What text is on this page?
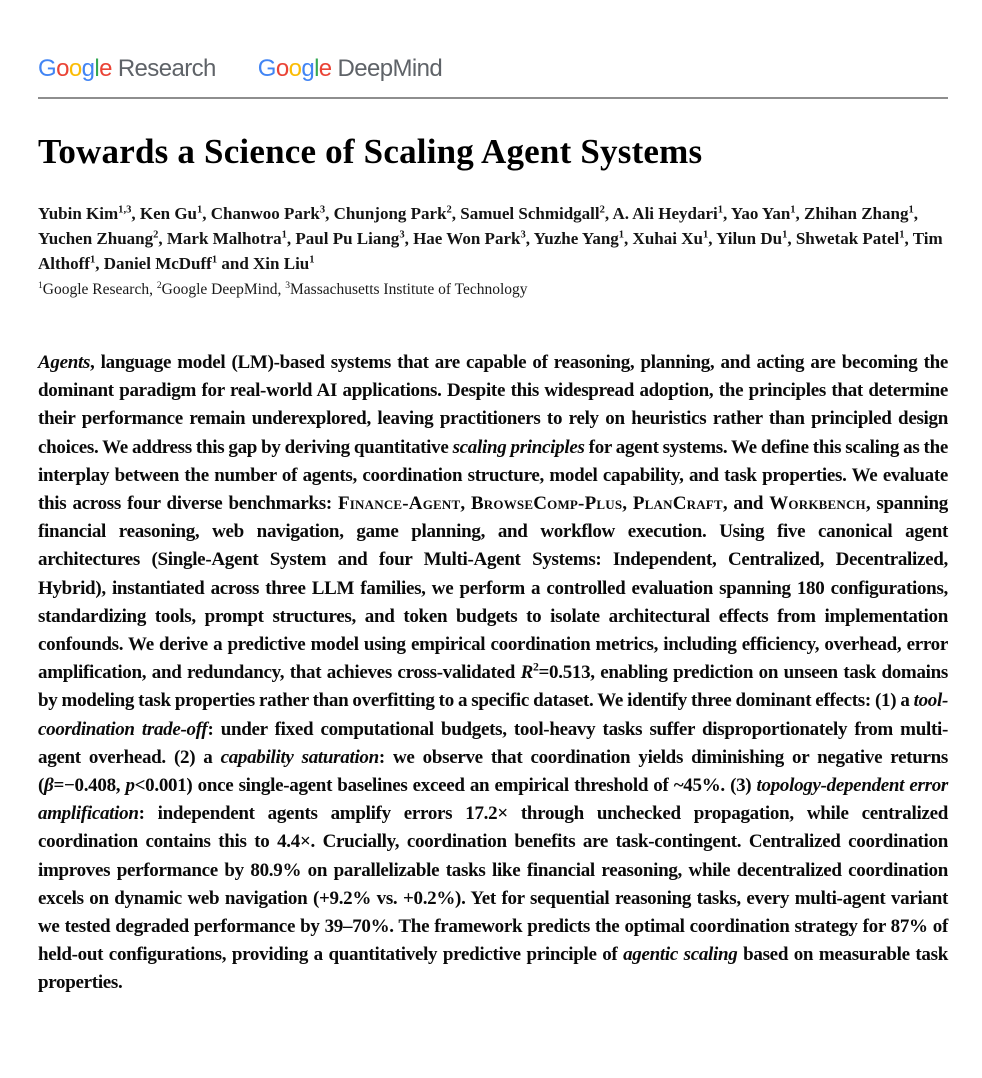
Google Research Google DeepMind
Towards a Science of Scaling Agent Systems

Yubin Kim$^{1,3}$, Ken Gu$^1$, Chanwoo Park$^3$, Chunjong Park$^2$, Samuel Schmidgall$^2$, A. Ali Heydari$^1$, Yao Yan$^1$, Zhihan Zhang$^1$, Yuchen Zhuang$^2$, Mark Malhotra$^1$, Paul Pu Liang$^3$, Hae Won Park$^3$, Yuzhe Yang$^1$, Xuhai Xu$^1$, Yilun Du$^1$, Shwetak Patel$^1$, Tim Althoff$^1$, Daniel McDuff$^1$ and Xin Liu$^1$

$^1$Google Research, $^2$Google DeepMind, $^3$Massachusetts Institute of Technology

Agents, language model (LM)-based systems that are capable of reasoning, planning, and acting are becoming the dominant paradigm for real-world AI applications. Despite this widespread adoption, the principles that determine their performance remain underexplored, leaving practitioners to rely on heuristics rather than principled design choices. We address this gap by deriving quantitative scaling principles for agent systems. We define this scaling as the interplay between the number of agents, coordination structure, model capability, and task properties. We evaluate this across four diverse benchmarks: Finance-Agent, BrowseComp-Plus, PlanCraft, and Workbench, spanning financial reasoning, web navigation, game planning, and workflow execution. Using five canonical agent architectures (Single-Agent System and four Multi-Agent Systems: Independent, Centralized, Decentralized, Hybrid), instantiated across three LLM families, we perform a controlled evaluation spanning 180 configurations, standardizing tools, prompt structures, and token budgets to isolate architectural effects from implementation confounds. We derive a predictive model using empirical coordination metrics, including efficiency, overhead, error amplification, and redundancy, that achieves cross-validated $R^2=0.513$, enabling prediction on unseen task domains by modeling task properties rather than overfitting to a specific dataset. We identify three dominant effects: (1) a tool-coordination trade-off: under fixed computational budgets, tool-heavy tasks suffer disproportionately from multi-agent overhead. (2) a capability saturation: we observe that coordination yields diminishing or negative returns (β=−0.408, p<0.001) once single-agent baselines exceed an empirical threshold of ~45%. (3) topology-dependent error amplification: independent agents amplify errors 17.2× through unchecked propagation, while centralized coordination contains this to 4.4×. Crucially, coordination benefits are task-contingent. Centralized coordination improves performance by 80.9% on parallelizable tasks like financial reasoning, while decentralized coordination excels on dynamic web navigation (+9.2% vs. +0.2%). Yet for sequential reasoning tasks, every multi-agent variant we tested degraded performance by 39–70%. The framework predicts the optimal coordination strategy for 87% of held-out configurations, providing a quantitatively predictive principle of agentic scaling based on measurable task properties.
